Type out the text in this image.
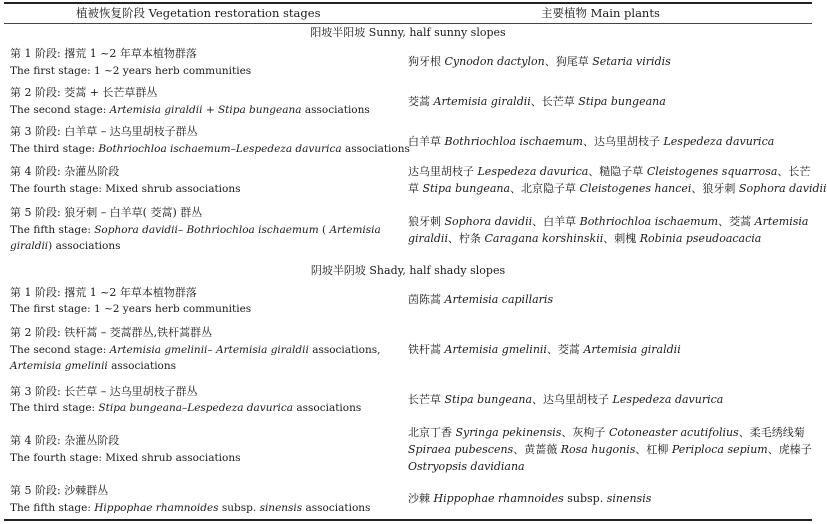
植被恢复阶段 Vegetation restoration stages	主要植物 Main plants
阳坡半阳坡 Sunny, half sunny slopes
第 1 阶段: 撂荒 1 ~2 年草本植物群落
The first stage: 1 ~2 years herb communities
狗牙根 Cynodon dactylon、狗尾草 Setaria viridis
第 2 阶段: 茭蒿 + 长芒草群丛
The second stage: Artemisia giraldii + Stipa bungeana associations
茭蒿 Artemisia giraldii、长芒草 Stipa bungeana
第 3 阶段: 白羊草 – 达乌里胡枝子群丛
The third stage: Bothriochloa ischaemum–Lespedeza davurica associations
白羊草 Bothriochloa ischaemum、达乌里胡枝子 Lespedeza davurica
第 4 阶段: 杂灌丛阶段
The fourth stage: Mixed shrub associations
达乌里胡枝子 Lespedeza davurica、糙隐子草 Cleistogenes squarrosa、长芒
草 Stipa bungeana、北京隐子草 Cleistogenes hancei、狼牙刺 Sophora davidii
第 5 阶段: 狼牙刺 – 白羊草( 茭蒿) 群丛
The fifth stage: Sophora davidii– Bothriochloa ischaemum ( Artemisia
giraldii) associations
狼牙刺 Sophora davidii、白羊草 Bothriochloa ischaemum、茭蒿 Artemisia
giraldii、柠条 Caragana korshinskii、刺槐 Robinia pseudoacacia
阴坡半阴坡 Shady, half shady slopes
第 1 阶段: 撂荒 1 ~2 年草本植物群落
The first stage: 1 ~2 years herb communities
茵陈蒿 Artemisia capillaris
第 2 阶段: 铁杆蒿 – 茭蒿群丛,铁杆蒿群丛
The second stage: Artemisia gmelinii– Artemisia giraldii associations,
Artemisia gmelinii associations
铁杆蒿 Artemisia gmelinii、茭蒿 Artemisia giraldii
第 3 阶段: 长芒草 – 达乌里胡枝子群丛
The third stage: Stipa bungeana–Lespedeza davurica associations
长芒草 Stipa bungeana、达乌里胡枝子 Lespedeza davurica
第 4 阶段: 杂灌丛阶段
The fourth stage: Mixed shrub associations
北京丁香 Syringa pekinensis、灰枸子 Cotoneaster acutifolius、柔毛绣线菊
Spiraea pubescens、黄蔷薇 Rosa hugonis、杠柳 Periploca sepium、虎榛子
Ostryopsis davidiana
第 5 阶段: 沙棘群丛
The fifth stage: Hippophae rhamnoides subsp. sinensis associations
沙棘 Hippophae rhamnoides subsp. sinensis
